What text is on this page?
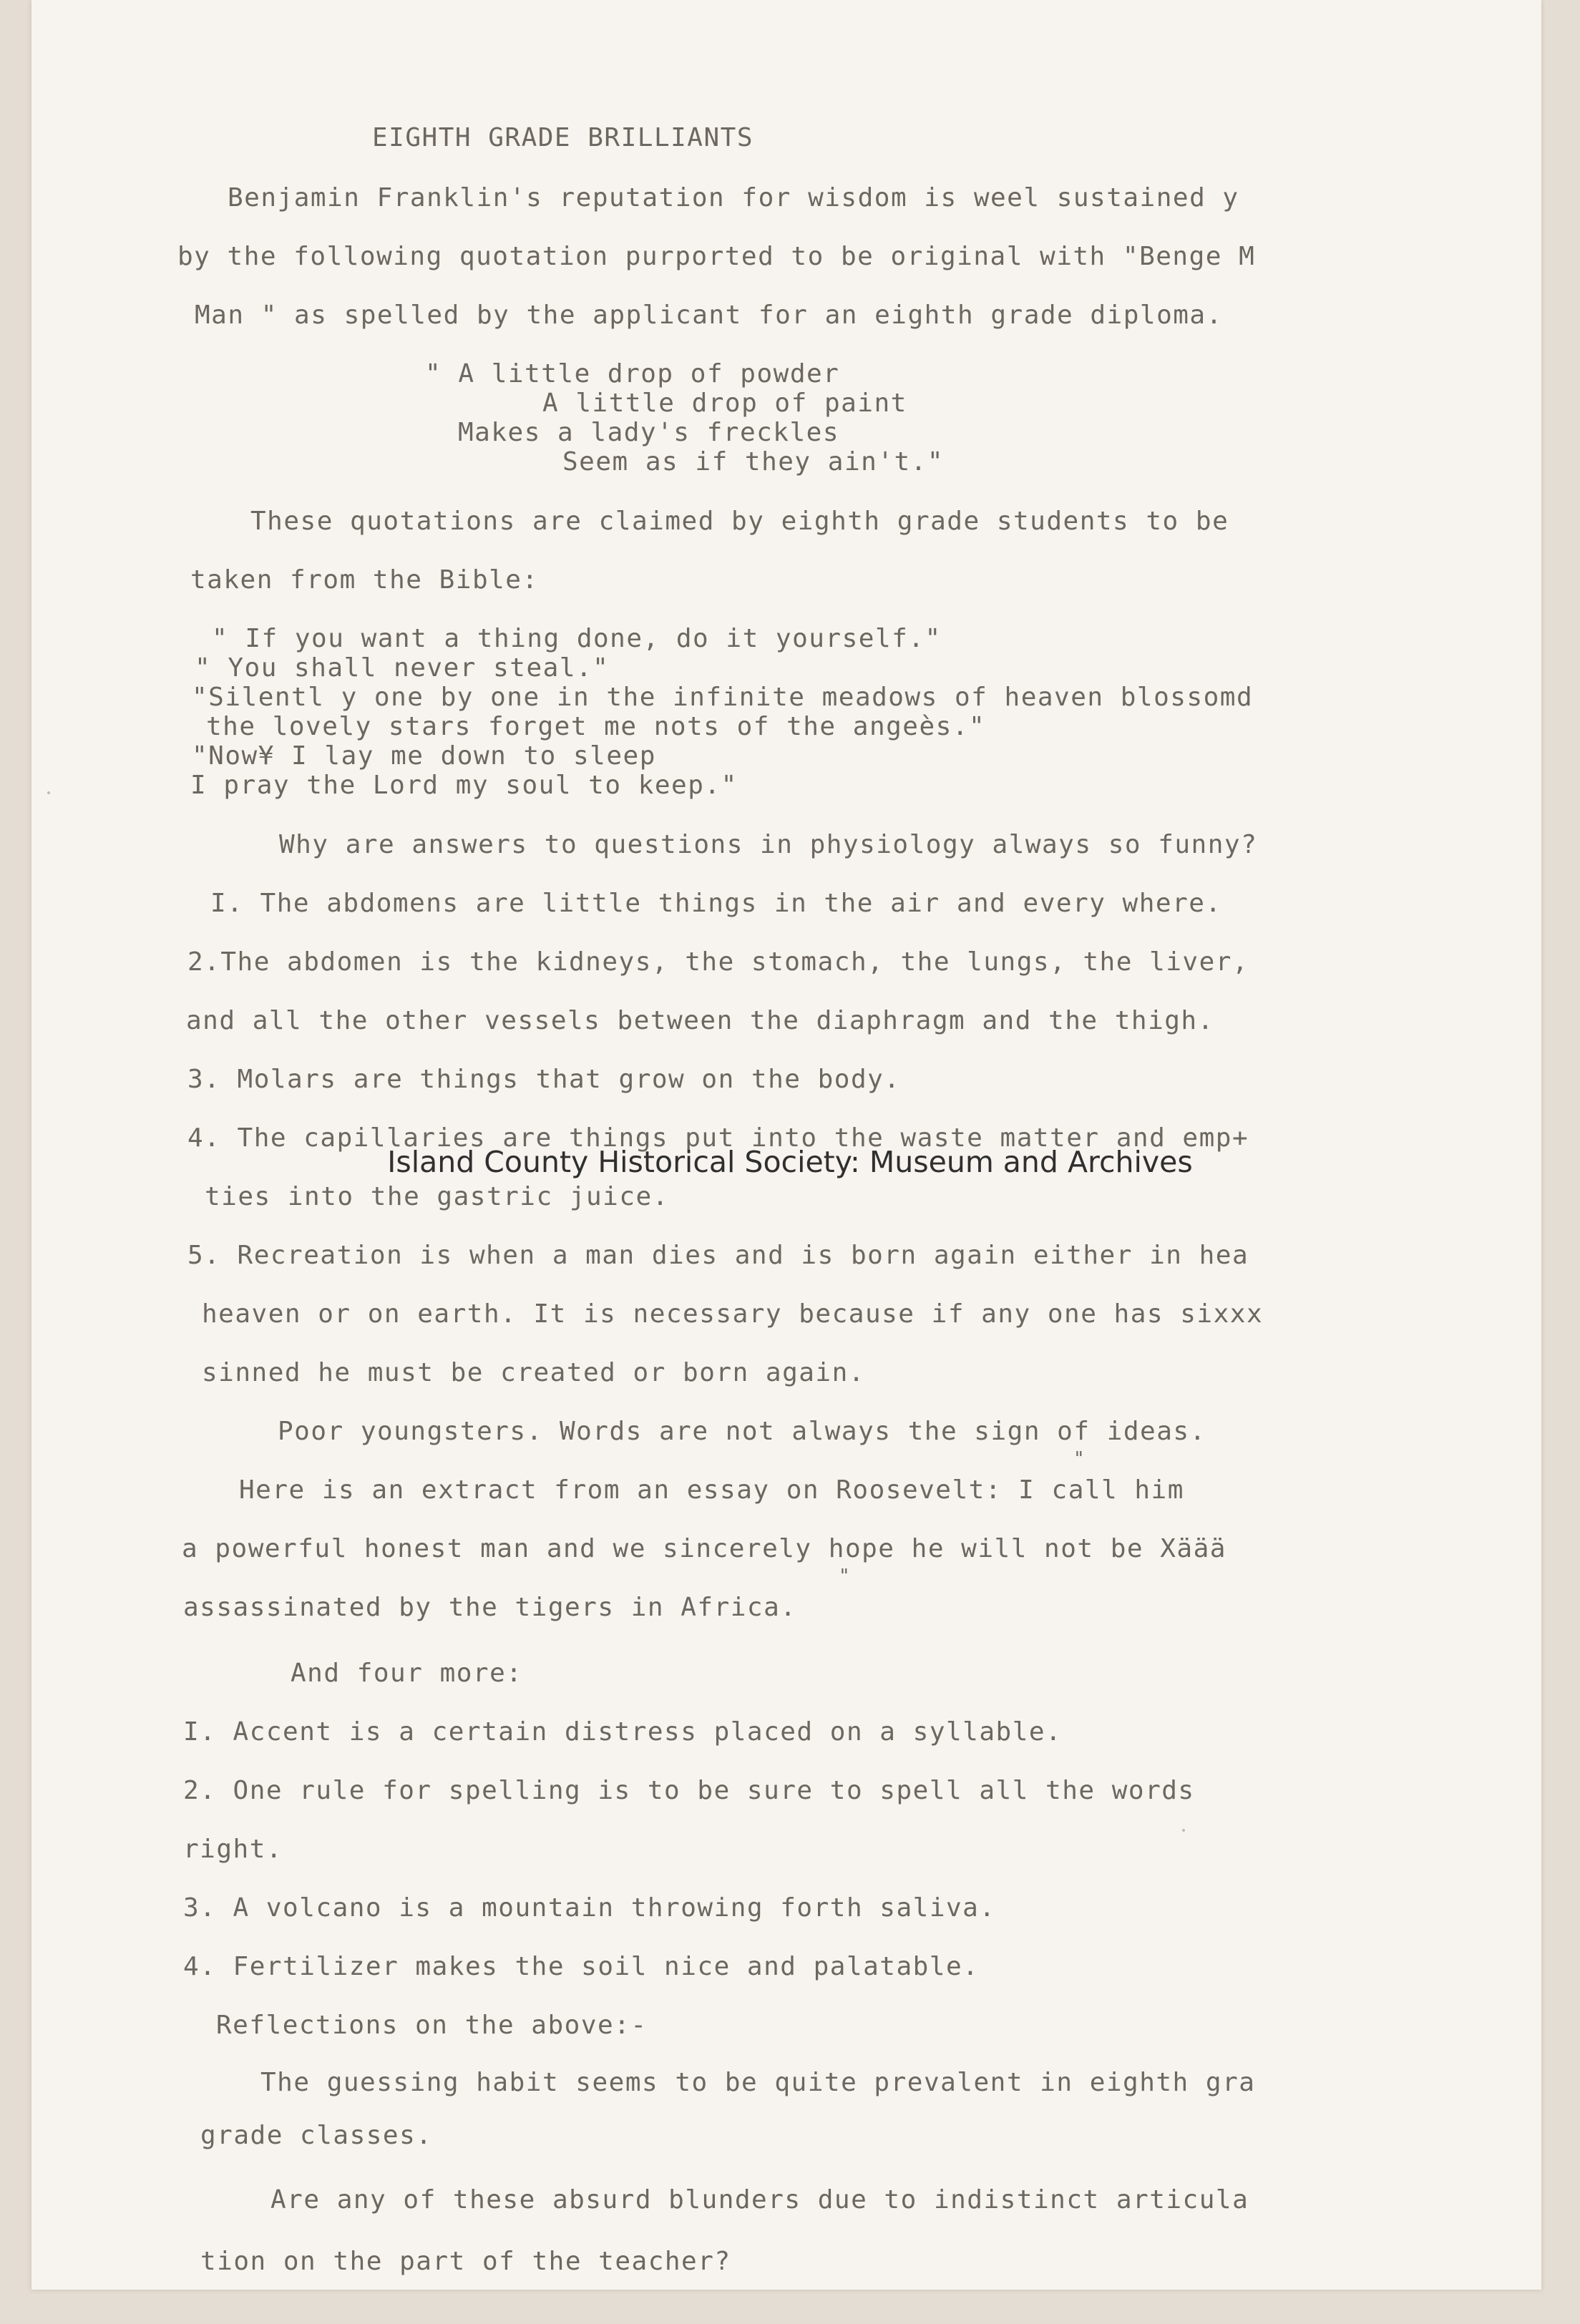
EIGHTH GRADE BRILLIANTS
Benjamin Franklin's reputation for wisdom is weel sustained y
by the following quotation purported to be original with "Benge M
Man " as spelled by the applicant for an eighth grade diploma.
" A little drop of powder
A little drop of paint
Makes a lady's freckles
Seem as if they ain't."
These quotations are claimed by eighth grade students to be
taken from the Bible:
" If you want a thing done, do it yourself."
" You shall never steal."
"Silentl y one by one in the infinite meadows of heaven blossomd
the lovely stars forget me nots of the angeès."
"Now¥ I lay me down to sleep
I pray the Lord my soul to keep."
Why are answers to questions in physiology always so funny?
I. The abdomens are little things in the air and every where.
2.The abdomen is the kidneys, the stomach, the lungs, the liver,
and all the other vessels between the diaphragm and the thigh.
3. Molars are things that grow on the body.
4. The capillaries are things put into the waste matter and emp+
ties into the gastric juice.
5. Recreation is when a man dies and is born again either in hea
heaven or on earth. It is necessary because if any one has sixxx
sinned he must be created or born again.
Poor youngsters. Words are not always the sign of ideas.
"
Here is an extract from an essay on Roosevelt: I call him
a powerful honest man and we sincerely hope he will not be Xäää
"
assassinated by the tigers in Africa.
And four more:
I. Accent is a certain distress placed on a syllable.
2. One rule for spelling is to be sure to spell all the words
right.
3. A volcano is a mountain throwing forth saliva.
4. Fertilizer makes the soil nice and palatable.
Reflections on the above:-
The guessing habit seems to be quite prevalent in eighth gra
grade classes.
Are any of these absurd blunders due to indistinct articula
tion on the part of the teacher?
Island County Historical Society: Museum and Archives
